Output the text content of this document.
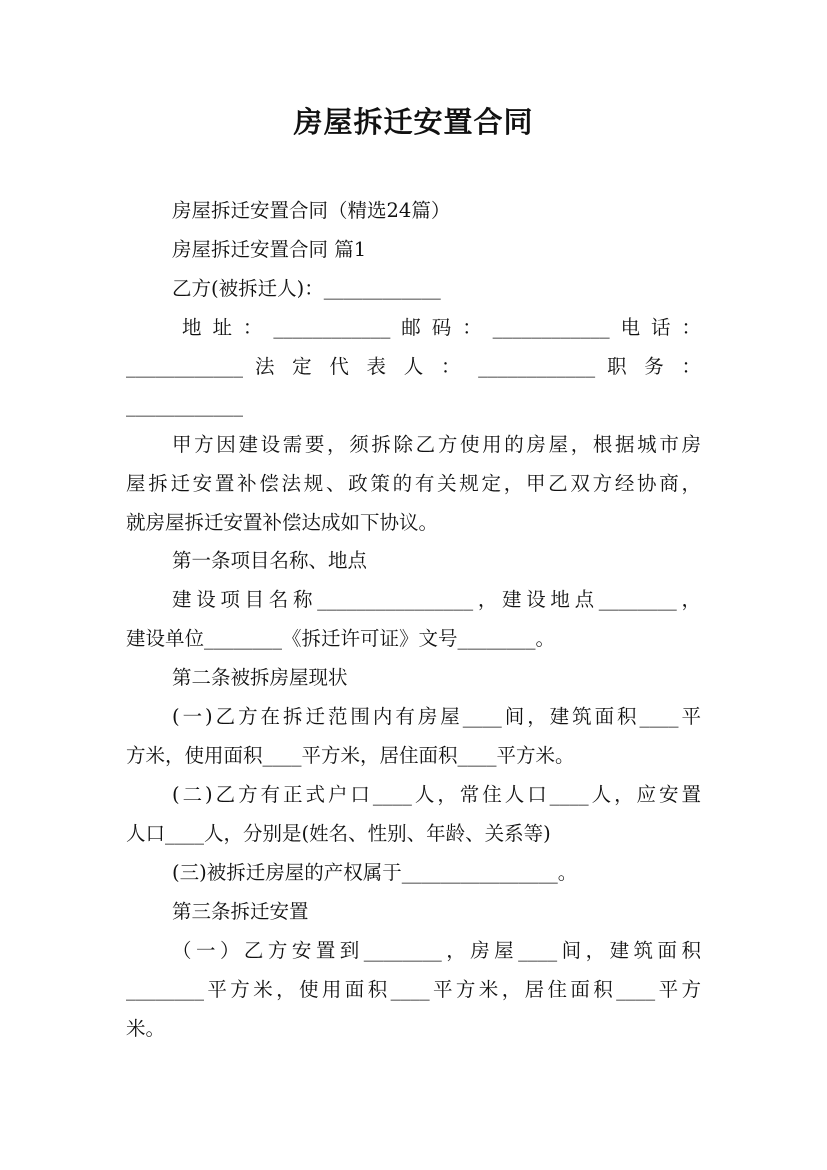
房屋拆迁安置合同
房屋拆迁安置合同（精选24篇）
房屋拆迁安置合同 篇1
乙方(被拆迁人)：____________
地址：____________邮码：____________电话：
____________ 法 定 代 表 人 ： ____________ 职 务 ：
____________
甲方因建设需要，须拆除乙方使用的房屋，根据城市房
屋拆迁安置补偿法规、政策的有关规定，甲乙双方经协商，
就房屋拆迁安置补偿达成如下协议。
第一条项目名称、地点
建设项目名称________________，建设地点________，
建设单位________《拆迁许可证》文号________。
第二条被拆房屋现状
(一)乙方在拆迁范围内有房屋____间，建筑面积____平
方米，使用面积____平方米，居住面积____平方米。
(二)乙方有正式户口____人，常住人口____人，应安置
人口____人，分别是(姓名、性别、年龄、关系等)
(三)被拆迁房屋的产权属于________________。
第三条拆迁安置
（一）乙方安置到________，房屋____间，建筑面积
________平方米，使用面积____平方米，居住面积____平方
米。
